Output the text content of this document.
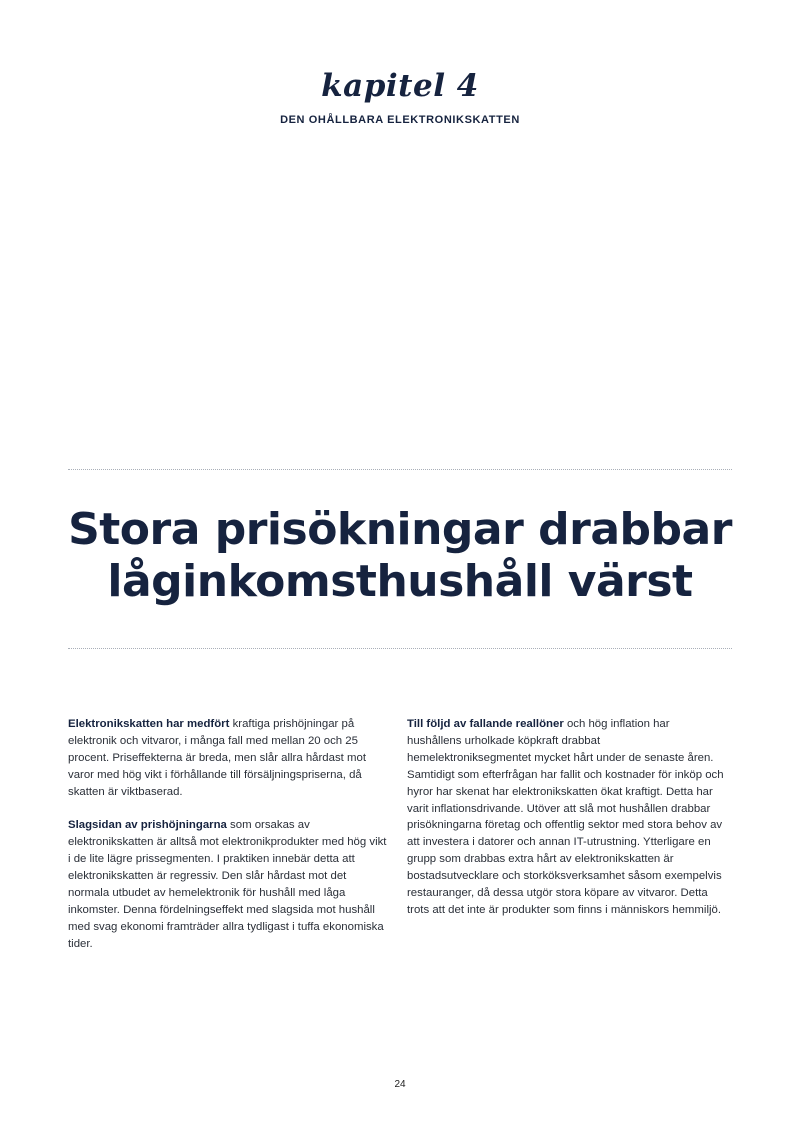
kapitel 4
DEN OHÅLLBARA ELEKTRONIKSKATTEN
Stora prisökningar drabbar
låginkomsthushåll värst

Elektronikskatten har medfört kraftiga prishöjningar på elektronik och vitvaror, i många fall med mellan 20 och 25 procent. Priseffekterna är breda, men slår allra hårdast mot varor med hög vikt i förhållande till försäljningspriserna, då skatten är viktbaserad.

Slagsidan av prishöjningarna som orsakas av elektronikskatten är alltså mot elektronikprodukter med hög vikt i de lite lägre prissegmenten. I praktiken innebär detta att elektronikskatten är regressiv. Den slår hårdast mot det normala utbudet av hemelektronik för hushåll med låga inkomster. Denna fördelningseffekt med slagsida mot hushåll med svag ekonomi framträder allra tydligast i tuffa ekonomiska tider.

Till följd av fallande reallöner och hög inflation har hushållens urholkade köpkraft drabbat hemelektroniksegmentet mycket hårt under de senaste åren. Samtidigt som efterfrågan har fallit och kostnader för inköp och hyror har skenat har elektronikskatten ökat kraftigt. Detta har varit inflationsdrivande. Utöver att slå mot hushållen drabbar prisökningarna företag och offentlig sektor med stora behov av att investera i datorer och annan IT-utrustning. Ytterligare en grupp som drabbas extra hårt av elektronikskatten är bostadsutvecklare och storköksverksamhet såsom exempelvis restauranger, då dessa utgör stora köpare av vitvaror. Detta trots att det inte är produkter som finns i människors hemmiljö.

24
